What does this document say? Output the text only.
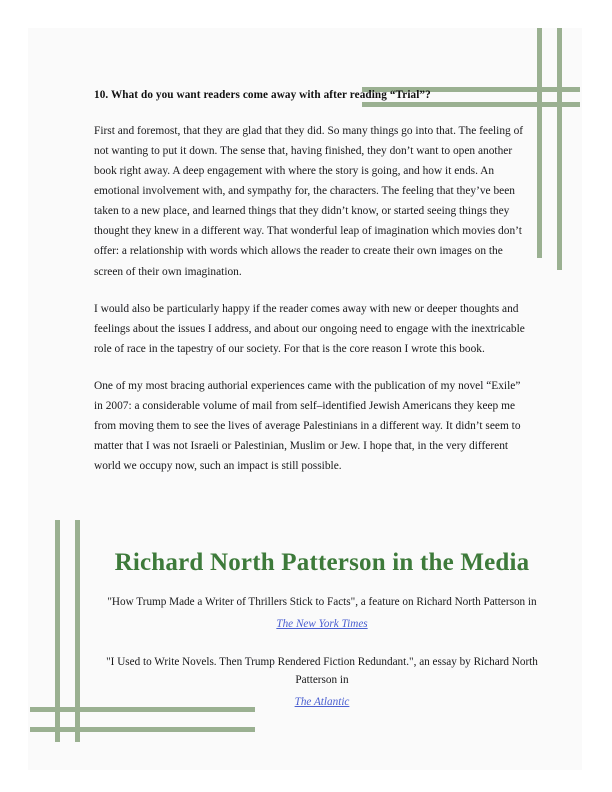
10. What do you want readers come away with after reading “Trial”?

First and foremost, that they are glad that they did. So many things go into that. The feeling of not wanting to put it down. The sense that, having finished, they don’t want to open another book right away. A deep engagement with where the story is going, and how it ends. An emotional involvement with, and sympathy for, the characters. The feeling that they’ve been taken to a new place, and learned things that they didn’t know, or started seeing things they thought they knew in a different way. That wonderful leap of imagination which movies don’t offer: a relationship with words which allows the reader to create their own images on the screen of their own imagination.

I would also be particularly happy if the reader comes away with new or deeper thoughts and feelings about the issues I address, and about our ongoing need to engage with the inextricable role of race in the tapestry of our society. For that is the core reason I wrote this book.

One of my most bracing authorial experiences came with the publication of my novel “Exile” in 2007: a considerable volume of mail from self–identified Jewish Americans they keep me from moving them to see the lives of average Palestinians in a different way. It didn’t seem to matter that I was not Israeli or Palestinian, Muslim or Jew. I hope that, in the very different world we occupy now, such an impact is still possible.

Richard North Patterson in the Media
"How Trump Made a Writer of Thrillers Stick to Facts", a feature on Richard North Patterson in
The New York Times
"I Used to Write Novels. Then Trump Rendered Fiction Redundant.", an essay by Richard North Patterson in
The Atlantic
